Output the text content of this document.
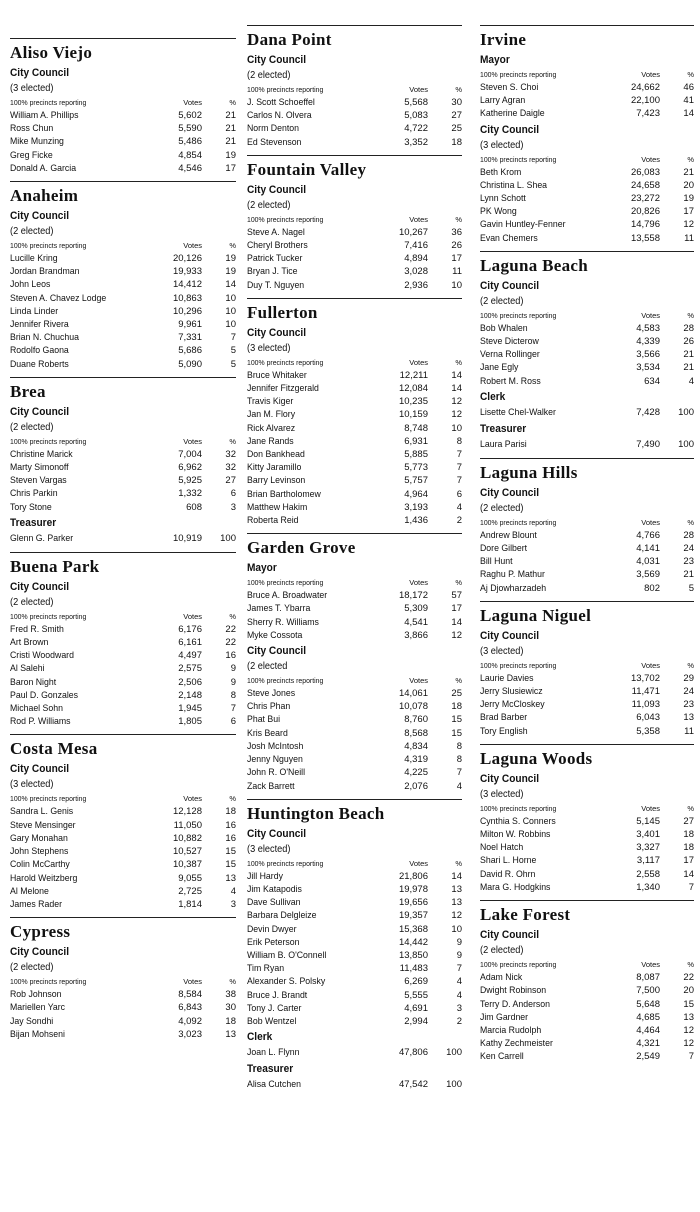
Aliso Viejo
City Council
(3 elected)
100% precincts reporting	Votes	%
William A. Phillips	5,602	21
Ross Chun	5,590	21
Mike Munzing	5,486	21
Greg Ficke	4,854	19
Donald A. Garcia	4,546	17
Anaheim
City Council
(2 elected)
100% precincts reporting	Votes	%
Lucille Kring	20,126	19
Jordan Brandman	19,933	19
John Leos	14,412	14
Steven A. Chavez Lodge	10,863	10
Linda Linder	10,296	10
Jennifer Rivera	9,961	10
Brian N. Chuchua	7,331	7
Rodolfo Gaona	5,686	5
Duane Roberts	5,090	5
Brea
City Council
(2 elected)
100% precincts reporting	Votes	%
Christine Marick	7,004	32
Marty Simonoff	6,962	32
Steven Vargas	5,925	27
Chris Parkin	1,332	6
Tory Stone	608	3
Treasurer
Glenn G. Parker	10,919	100
Buena Park
City Council
(2 elected)
100% precincts reporting	Votes	%
Fred R. Smith	6,176	22
Art Brown	6,161	22
Cristi Woodward	4,497	16
Al Salehi	2,575	9
Baron Night	2,506	9
Paul D. Gonzales	2,148	8
Michael Sohn	1,945	7
Rod P. Williams	1,805	6
Costa Mesa
City Council
(3 elected)
100% precincts reporting	Votes	%
Sandra L. Genis	12,128	18
Steve Mensinger	11,050	16
Gary Monahan	10,882	16
John Stephens	10,527	15
Colin McCarthy	10,387	15
Harold Weitzberg	9,055	13
Al Melone	2,725	4
James Rader	1,814	3
Cypress
City Council
(2 elected)
100% precincts reporting	Votes	%
Rob Johnson	8,584	38
Mariellen Yarc	6,843	30
Jay Sondhi	4,092	18
Bijan Mohseni	3,023	13
Dana Point
City Council
(2 elected)
100% precincts reporting	Votes	%
J. Scott Schoeffel	5,568	30
Carlos N. Olvera	5,083	27
Norm Denton	4,722	25
Ed Stevenson	3,352	18
Fountain Valley
City Council
(2 elected)
100% precincts reporting	Votes	%
Steve A. Nagel	10,267	36
Cheryl Brothers	7,416	26
Patrick Tucker	4,894	17
Bryan J. Tice	3,028	11
Duy T. Nguyen	2,936	10
Fullerton
City Council
(3 elected)
100% precincts reporting	Votes	%
Bruce Whitaker	12,211	14
Jennifer Fitzgerald	12,084	14
Travis Kiger	10,235	12
Jan M. Flory	10,159	12
Rick Alvarez	8,748	10
Jane Rands	6,931	8
Don Bankhead	5,885	7
Kitty Jaramillo	5,773	7
Barry Levinson	5,757	7
Brian Bartholomew	4,964	6
Matthew Hakim	3,193	4
Roberta Reid	1,436	2
Garden Grove
Mayor
100% precincts reporting	Votes	%
Bruce A. Broadwater	18,172	57
James T. Ybarra	5,309	17
Sherry R. Williams	4,541	14
Myke Cossota	3,866	12
City Council
(2 elected
100% precincts reporting	Votes	%
Steve Jones	14,061	25
Chris Phan	10,078	18
Phat Bui	8,760	15
Kris Beard	8,568	15
Josh McIntosh	4,834	8
Jenny Nguyen	4,319	8
John R. O'Neill	4,225	7
Zack Barrett	2,076	4
Huntington Beach
City Council
(3 elected)
100% precincts reporting	Votes	%
Jill Hardy	21,806	14
Jim Katapodis	19,978	13
Dave Sullivan	19,656	13
Barbara Delgleize	19,357	12
Devin Dwyer	15,368	10
Erik Peterson	14,442	9
William B. O'Connell	13,850	9
Tim Ryan	11,483	7
Alexander S. Polsky	6,269	4
Bruce J. Brandt	5,555	4
Tony J. Carter	4,691	3
Bob Wentzel	2,994	2
Clerk
Joan L. Flynn	47,806	100
Treasurer
Alisa Cutchen	47,542	100
Irvine
Mayor
100% precincts reporting	Votes	%
Steven S. Choi	24,662	46
Larry Agran	22,100	41
Katherine Daigle	7,423	14
City Council
(3 elected)
100% precincts reporting	Votes	%
Beth Krom	26,083	21
Christina L. Shea	24,658	20
Lynn Schott	23,272	19
PK Wong	20,826	17
Gavin Huntley-Fenner	14,796	12
Evan Chemers	13,558	11
Laguna Beach
City Council
(2 elected)
100% precincts reporting	Votes	%
Bob Whalen	4,583	28
Steve Dicterow	4,339	26
Verna Rollinger	3,566	21
Jane Egly	3,534	21
Robert M. Ross	634	4
Clerk
Lisette Chel-Walker	7,428	100
Treasurer
Laura Parisi	7,490	100
Laguna Hills
City Council
(2 elected)
100% precincts reporting	Votes	%
Andrew Blount	4,766	28
Dore Gilbert	4,141	24
Bill Hunt	4,031	23
Raghu P. Mathur	3,569	21
Aj Djowharzadeh	802	5
Laguna Niguel
City Council
(3 elected)
100% precincts reporting	Votes	%
Laurie Davies	13,702	29
Jerry Slusiewicz	11,471	24
Jerry McCloskey	11,093	23
Brad Barber	6,043	13
Tory English	5,358	11
Laguna Woods
City Council
(3 elected)
100% precincts reporting	Votes	%
Cynthia S. Conners	5,145	27
Milton W. Robbins	3,401	18
Noel Hatch	3,327	18
Shari L. Horne	3,117	17
David R. Ohrn	2,558	14
Mara G. Hodgkins	1,340	7
Lake Forest
City Council
(2 elected)
100% precincts reporting	Votes	%
Adam Nick	8,087	22
Dwight Robinson	7,500	20
Terry D. Anderson	5,648	15
Jim Gardner	4,685	13
Marcia Rudolph	4,464	12
Kathy Zechmeister	4,321	12
Ken Carrell	2,549	7
